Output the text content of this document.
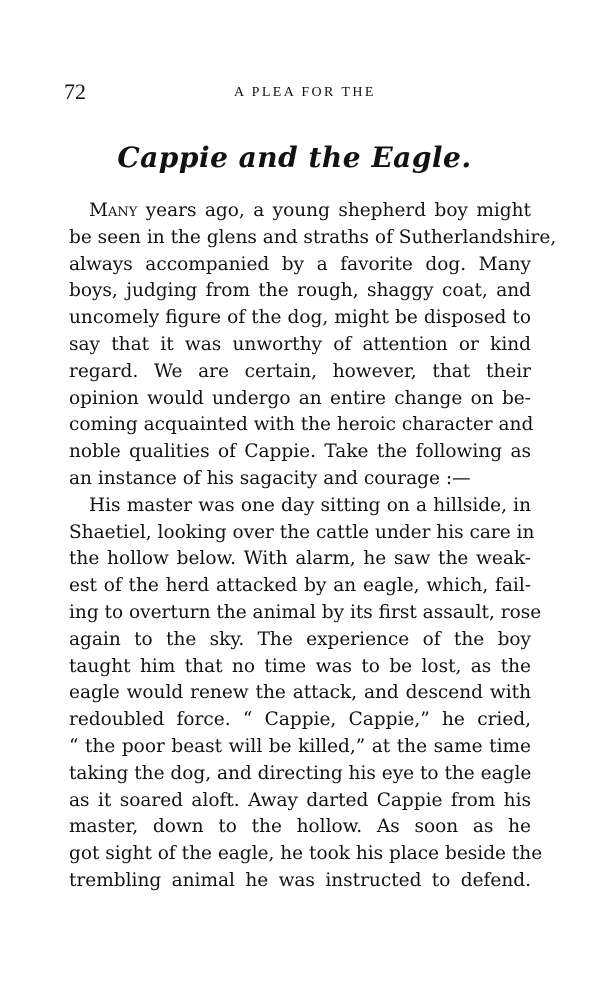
72	A PLEA FOR THE
Cappie and the Eagle.
Many years ago, a young shepherd boy might
be seen in the glens and straths of Sutherlandshire,
always accompanied by a favorite dog. Many
boys, judging from the rough, shaggy coat, and
uncomely figure of the dog, might be disposed to
say that it was unworthy of attention or kind
regard. We are certain, however, that their
opinion would undergo an entire change on be-
coming acquainted with the heroic character and
noble qualities of Cappie. Take the following as
an instance of his sagacity and courage :—
His master was one day sitting on a hillside, in
Shaetiel, looking over the cattle under his care in
the hollow below. With alarm, he saw the weak-
est of the herd attacked by an eagle, which, fail-
ing to overturn the animal by its first assault, rose
again to the sky. The experience of the boy
taught him that no time was to be lost, as the
eagle would renew the attack, and descend with
redoubled force. “ Cappie, Cappie,” he cried,
“ the poor beast will be killed,” at the same time
taking the dog, and directing his eye to the eagle
as it soared aloft. Away darted Cappie from his
master, down to the hollow. As soon as he
got sight of the eagle, he took his place beside the
trembling animal he was instructed to defend.
